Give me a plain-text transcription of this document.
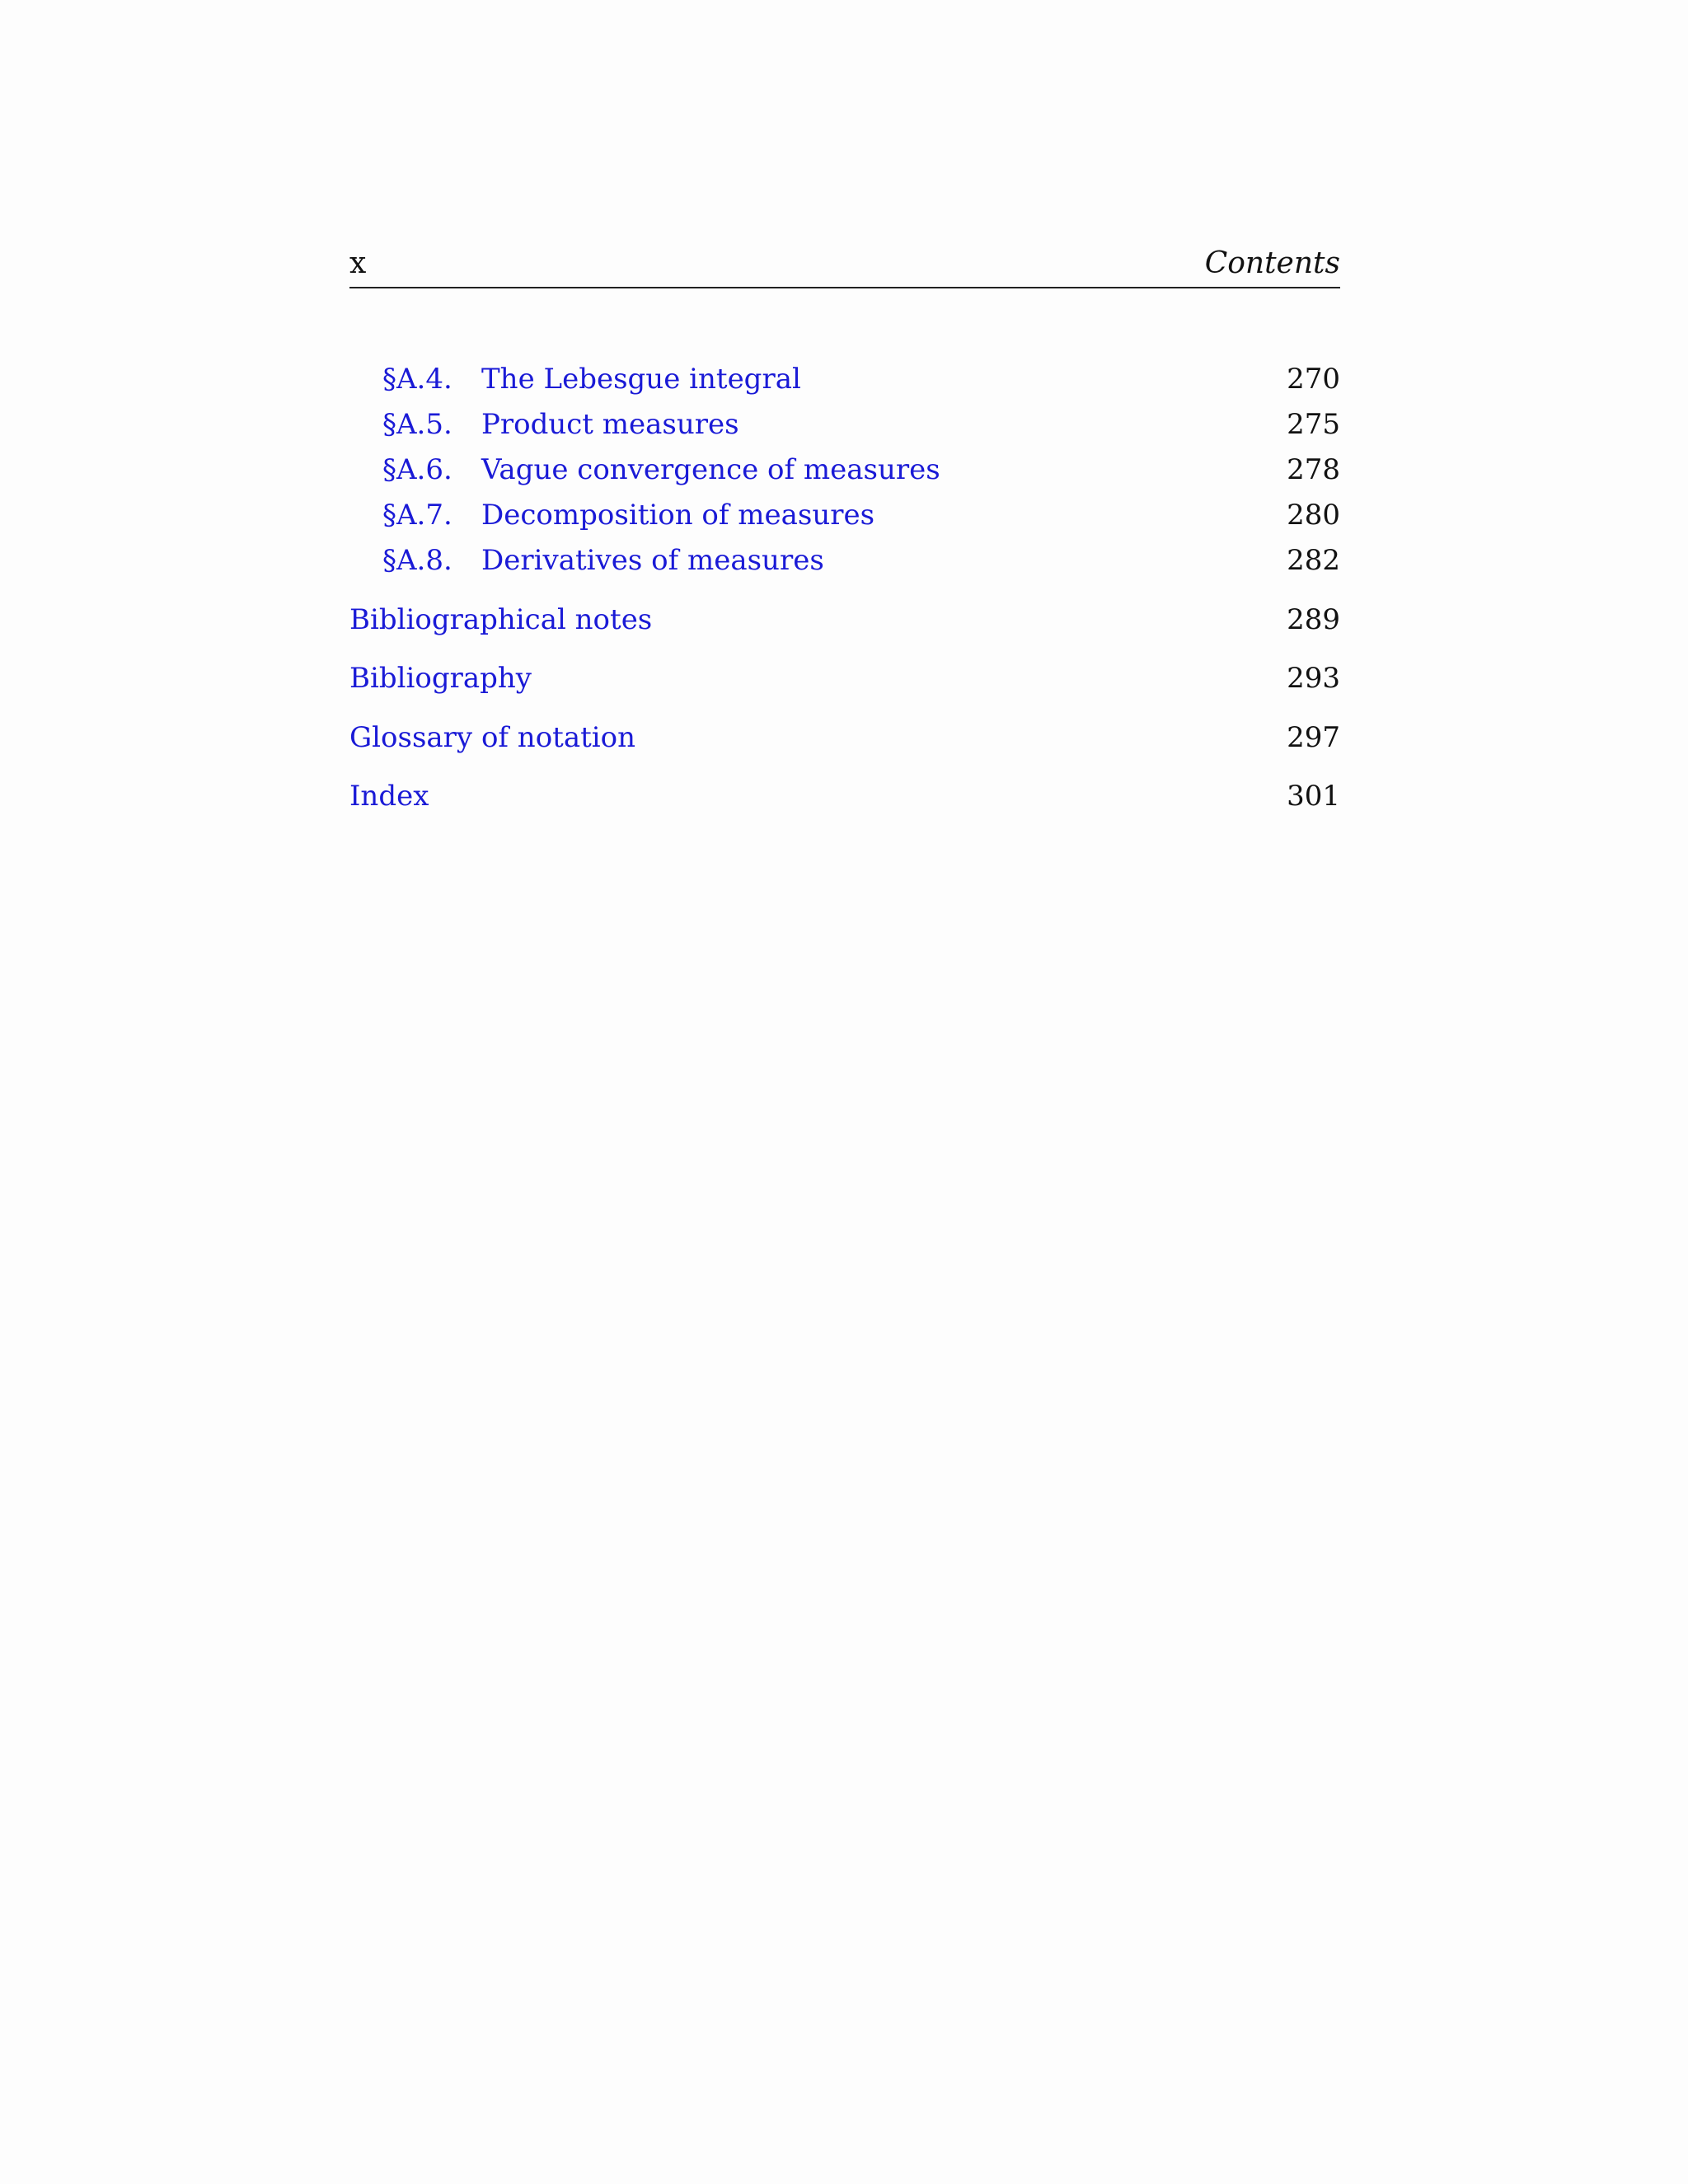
x	Contents
§A.4. The Lebesgue integral	270
§A.5. Product measures	275
§A.6. Vague convergence of measures	278
§A.7. Decomposition of measures	280
§A.8. Derivatives of measures	282
Bibliographical notes	289
Bibliography	293
Glossary of notation	297
Index	301
